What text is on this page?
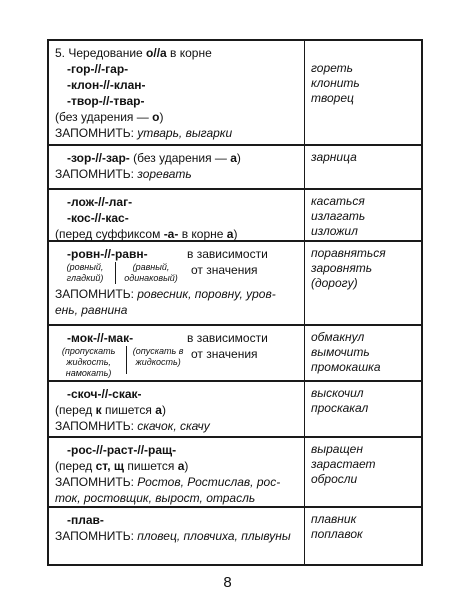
5. Чередование о//а в корне
-гор-//-гар-
-клон-//-клан-
-твор-//-твар-
(без ударения — о)
ЗАПОМНИТЬ: утварь, выгарки
гореть
клонить
творец
-зор-//-зар- (без ударения — а)
ЗАПОМНИТЬ: зоревать
зарница
-лож-//-лаг-
-кос-//-кас-
(перед суффиксом -а- в корне а)
касаться
излагать
изложил
-ровн-//-равн-
(ровный, гладкий)
(равный, одинаковый)
в зависимости
от значения
ЗАПОМНИТЬ: ровесник, поровну, уров-
ень, равнина
поравняться
заровнять
(дорогу)
-мок-//-мак-
(пропускать жидкость, намокать)
(опускать в жидкость)
в зависимости
от значения
обмакнул
вымочить
промокашка
-скоч-//-скак-
(перед к пишется а)
ЗАПОМНИТЬ: скачок, скачу
выскочил
проскакал
-рос-//-раст-//-ращ-
(перед ст, щ пишется а)
ЗАПОМНИТЬ: Ростов, Ростислав, рос-
ток, ростовщик, вырост, отрасль
выращен
зарастает
обросли
-плав-
ЗАПОМНИТЬ: пловец, пловчиха, плывуны
плавник
поплавок
8
